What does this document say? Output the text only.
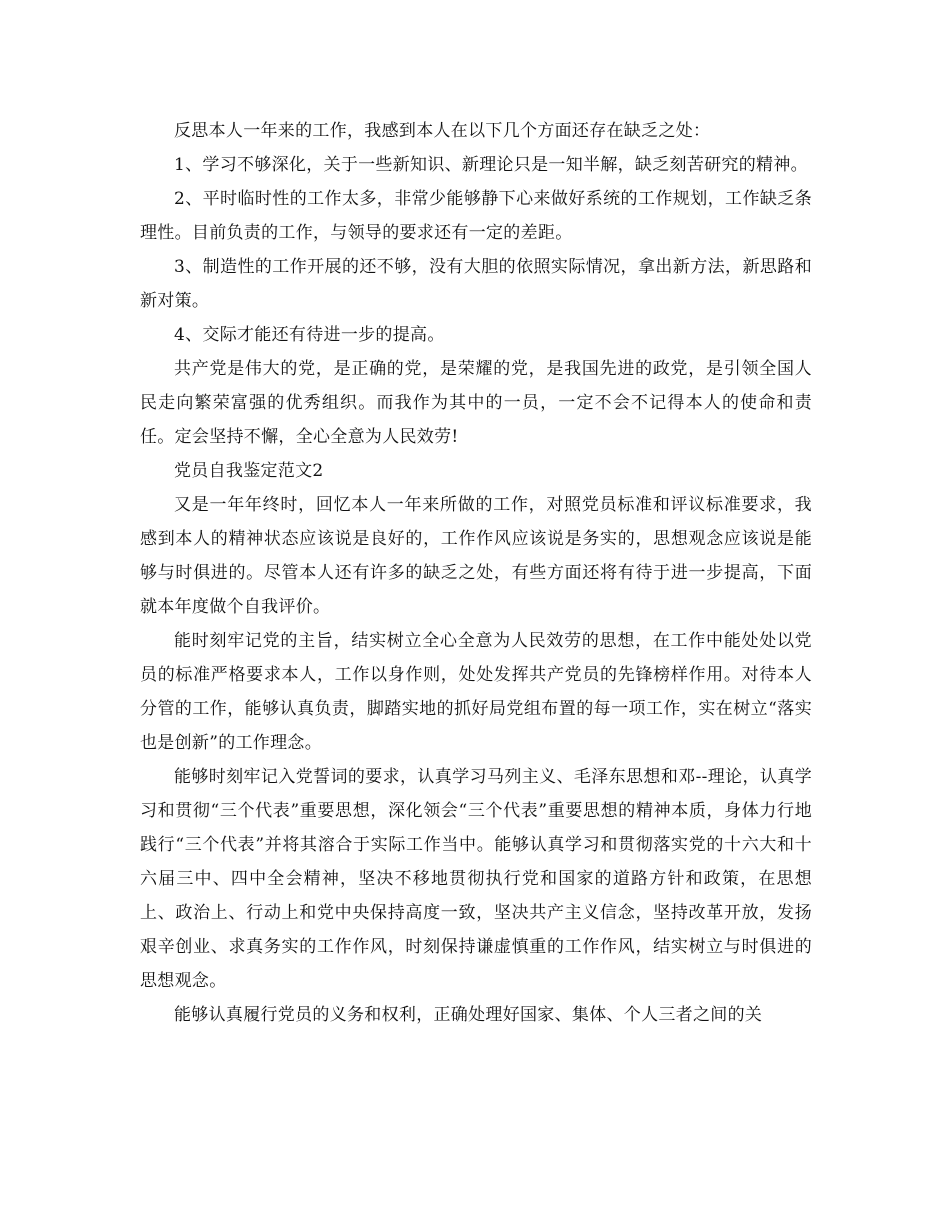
反思本人一年来的工作，我感到本人在以下几个方面还存在缺乏之处：

1、学习不够深化，关于一些新知识、新理论只是一知半解，缺乏刻苦研究的精神。

2、平时临时性的工作太多，非常少能够静下心来做好系统的工作规划，工作缺乏条理性。目前负责的工作，与领导的要求还有一定的差距。

3、制造性的工作开展的还不够，没有大胆的依照实际情况，拿出新方法，新思路和新对策。

4、交际才能还有待进一步的提高。

共产党是伟大的党，是正确的党，是荣耀的党，是我国先进的政党，是引领全国人民走向繁荣富强的优秀组织。而我作为其中的一员，一定不会不记得本人的使命和责任。定会坚持不懈，全心全意为人民效劳!

党员自我鉴定范文2

又是一年年终时，回忆本人一年来所做的工作，对照党员标准和评议标准要求，我感到本人的精神状态应该说是良好的，工作作风应该说是务实的，思想观念应该说是能够与时俱进的。尽管本人还有许多的缺乏之处，有些方面还将有待于进一步提高，下面就本年度做个自我评价。

能时刻牢记党的主旨，结实树立全心全意为人民效劳的思想，在工作中能处处以党员的标准严格要求本人，工作以身作则，处处发挥共产党员的先锋榜样作用。对待本人分管的工作，能够认真负责，脚踏实地的抓好局党组布置的每一项工作，实在树立“落实也是创新”的工作理念。

能够时刻牢记入党誓词的要求，认真学习马列主义、毛泽东思想和邓--理论，认真学习和贯彻“三个代表”重要思想，深化领会“三个代表”重要思想的精神本质，身体力行地践行“三个代表”并将其溶合于实际工作当中。能够认真学习和贯彻落实党的十六大和十六届三中、四中全会精神，坚决不移地贯彻执行党和国家的道路方针和政策，在思想上、政治上、行动上和党中央保持高度一致，坚决共产主义信念，坚持改革开放，发扬艰辛创业、求真务实的工作作风，时刻保持谦虚慎重的工作作风，结实树立与时俱进的思想观念。

能够认真履行党员的义务和权利，正确处理好国家、集体、个人三者之间的关
